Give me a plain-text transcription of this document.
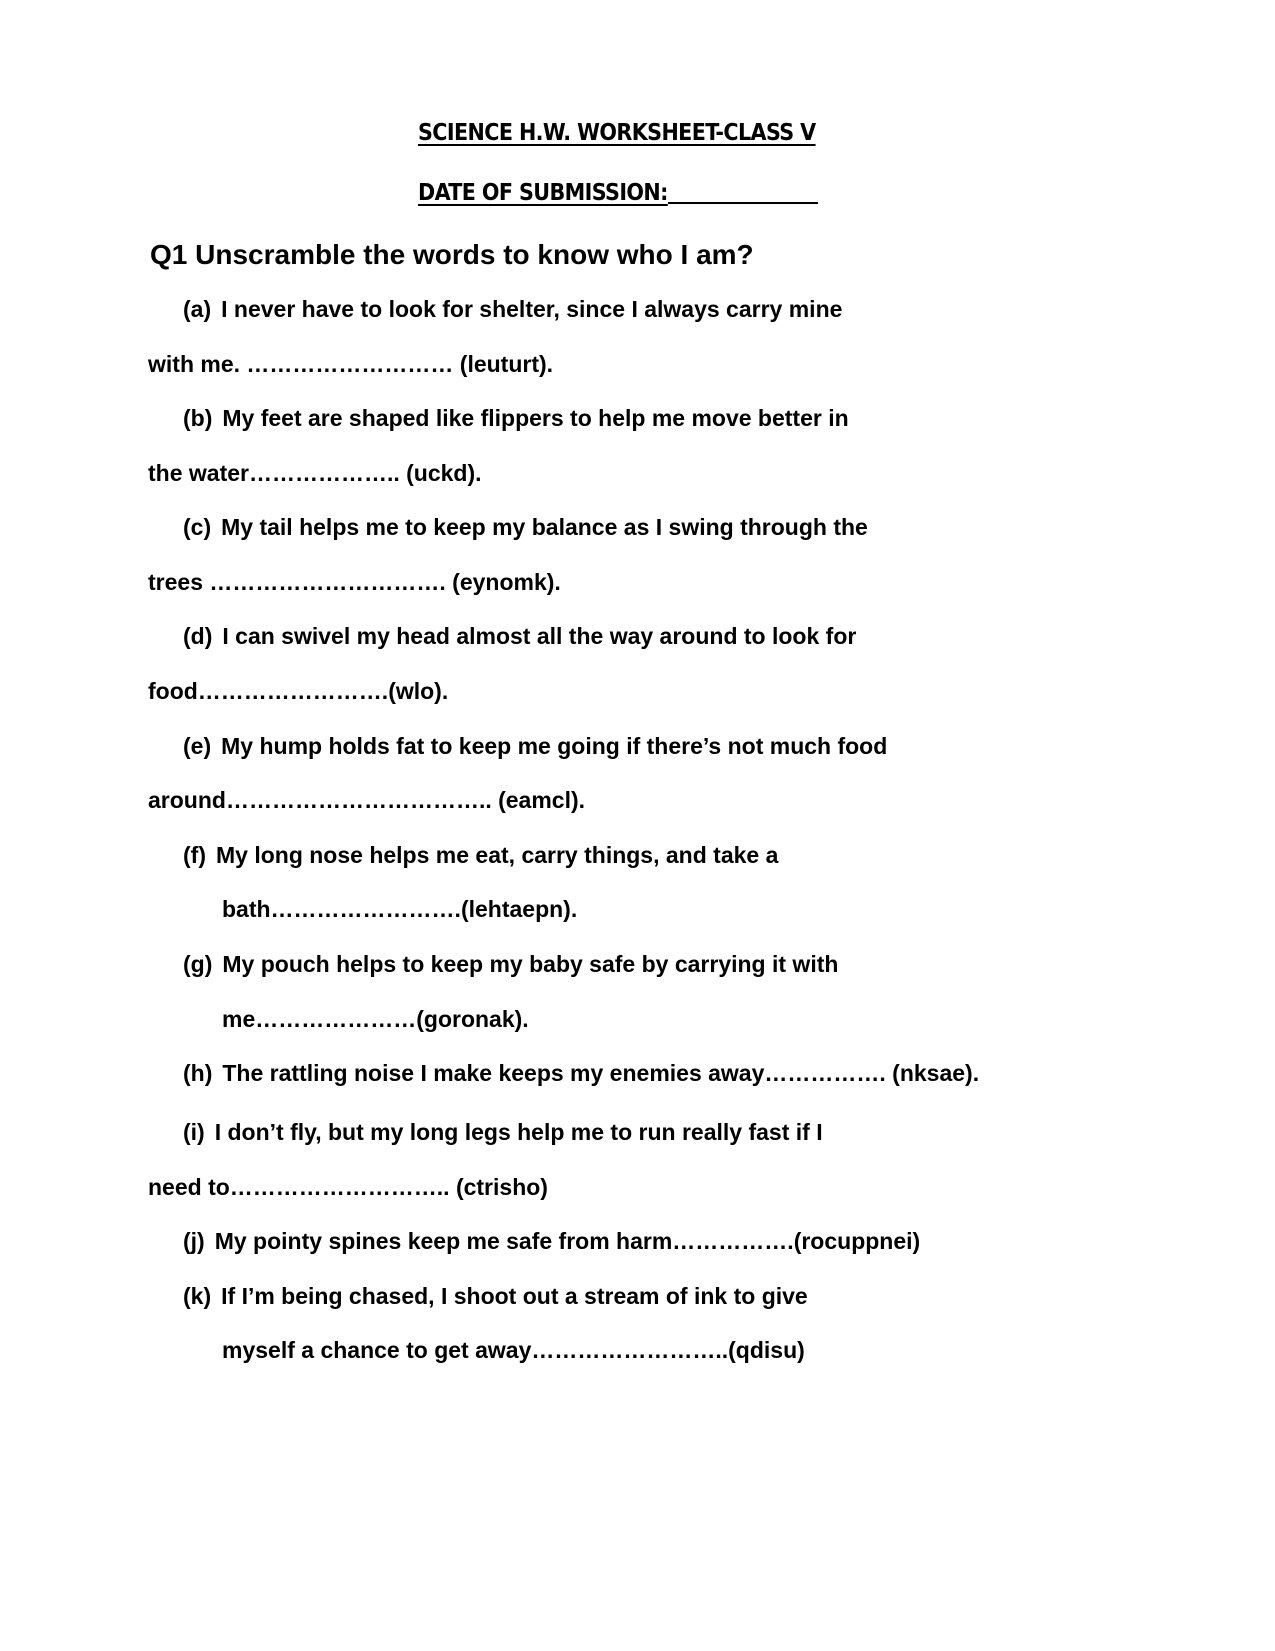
SCIENCE H.W. WORKSHEET-CLASS V
DATE OF SUBMISSION:
Q1 Unscramble the words to know who I am?
(a) I never have to look for shelter, since I always carry mine
with me. ……………………… (leuturt).
(b) My feet are shaped like flippers to help me move better in
the water……………….. (uckd).
(c) My tail helps me to keep my balance as I swing through the
trees …………………………. (eynomk).
(d) I can swivel my head almost all the way around to look for
food…………………….(wlo).
(e) My hump holds fat to keep me going if there’s not much food
around…………………………….. (eamcl).
(f) My long nose helps me eat, carry things, and take a
bath…………………….(lehtaepn).
(g) My pouch helps to keep my baby safe by carrying it with
me…………………(goronak).
(h) The rattling noise I make keeps my enemies away……………. (nksae).
(i) I don’t fly, but my long legs help me to run really fast if I
need to……………………….. (ctrisho)
(j) My pointy spines keep me safe from harm…………….(rocuppnei)
(k) If I’m being chased, I shoot out a stream of ink to give
myself a chance to get away……………………..(qdisu)
